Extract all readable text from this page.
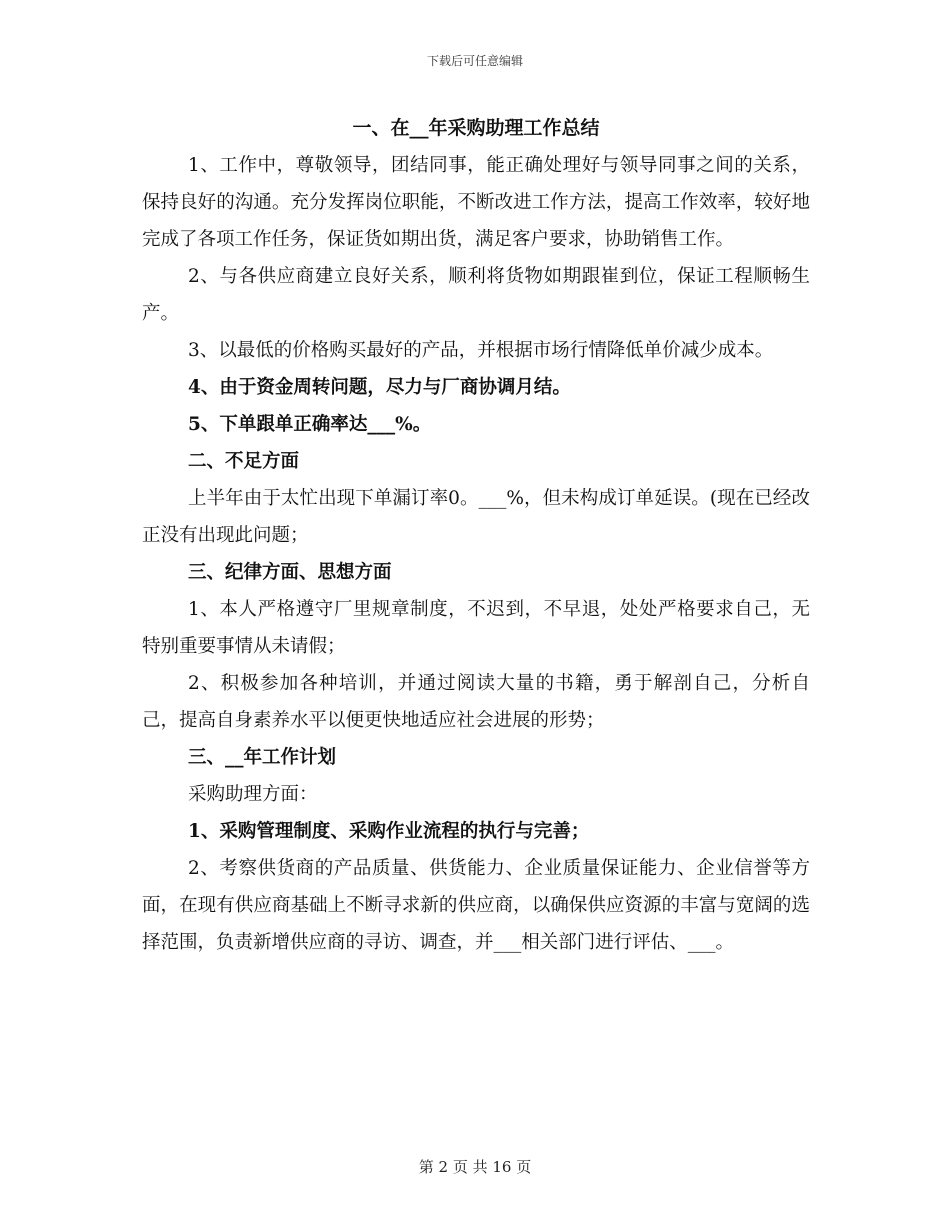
下载后可任意编辑

一、在__年采购助理工作总结

1、工作中，尊敬领导，团结同事，能正确处理好与领导同事之间的关系，保持良好的沟通。充分发挥岗位职能，不断改进工作方法，提高工作效率，较好地完成了各项工作任务，保证货如期出货，满足客户要求，协助销售工作。

2、与各供应商建立良好关系，顺利将货物如期跟崔到位，保证工程顺畅生产。

3、以最低的价格购买最好的产品，并根据市场行情降低单价减少成本。

4、由于资金周转问题，尽力与厂商协调月结。

5、下单跟单正确率达___%。

二、不足方面

上半年由于太忙出现下单漏订率0。___%，但未构成订单延误。(现在已经改正没有出现此问题；

三、纪律方面、思想方面

1、本人严格遵守厂里规章制度，不迟到，不早退，处处严格要求自己，无特别重要事情从未请假；

2、积极参加各种培训，并通过阅读大量的书籍，勇于解剖自己，分析自己，提高自身素养水平以便更快地适应社会进展的形势；

三、__年工作计划

采购助理方面：

1、采购管理制度、采购作业流程的执行与完善；

2、考察供货商的产品质量、供货能力、企业质量保证能力、企业信誉等方面，在现有供应商基础上不断寻求新的供应商，以确保供应资源的丰富与宽阔的选择范围，负责新增供应商的寻访、调查，并___相关部门进行评估、___。

第 2 页 共 16 页
